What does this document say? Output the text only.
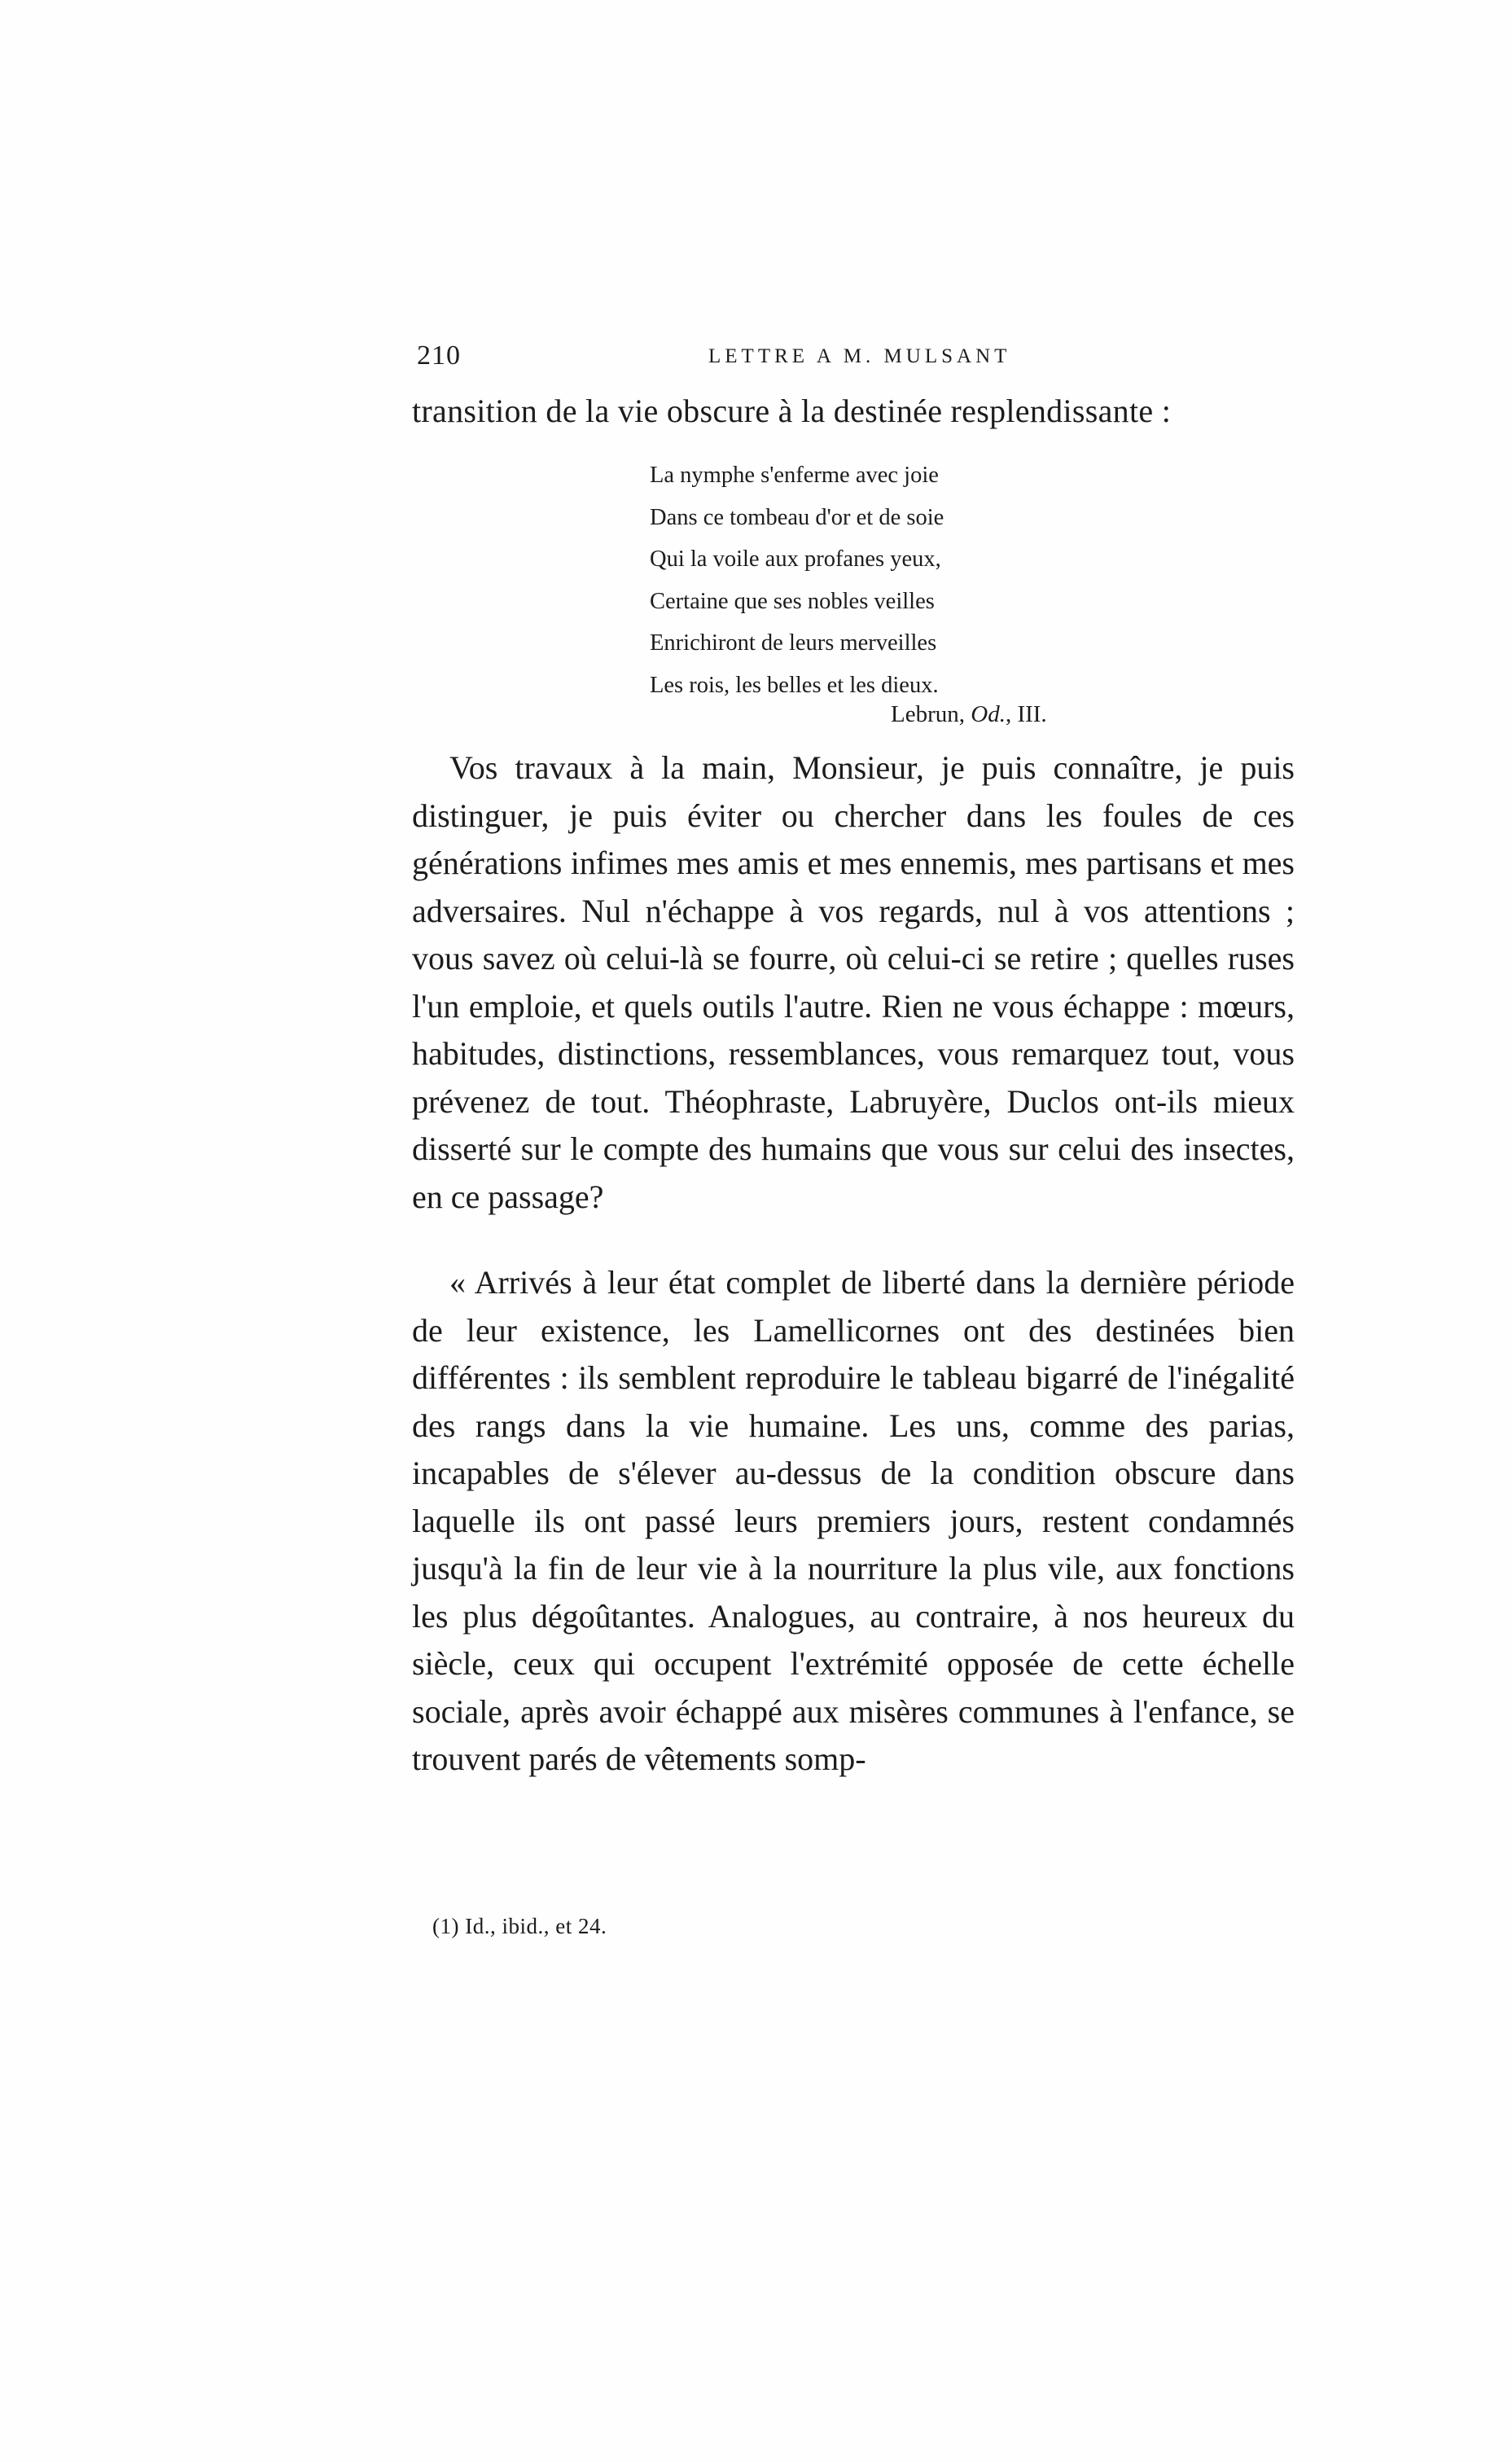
210	LETTRE A M. MULSANT

transition de la vie obscure à la destinée resplendissante :

La nymphe s'enferme avec joie
Dans ce tombeau d'or et de soie
Qui la voile aux profanes yeux,
Certaine que ses nobles veilles
Enrichiront de leurs merveilles
Les rois, les belles et les dieux.
Lebrun, Od., III.

Vos travaux à la main, Monsieur, je puis connaître, je puis distinguer, je puis éviter ou chercher dans les foules de ces générations infimes mes amis et mes ennemis, mes partisans et mes adversaires. Nul n'échappe à vos regards, nul à vos attentions ; vous savez où celui-là se fourre, où celui-ci se retire ; quelles ruses l'un emploie, et quels outils l'autre. Rien ne vous échappe : mœurs, habitudes, distinctions, ressemblances, vous remarquez tout, vous prévenez de tout. Théophraste, Labruyère, Duclos ont-ils mieux disserté sur le compte des humains que vous sur celui des insectes, en ce passage?

« Arrivés à leur état complet de liberté dans la dernière période de leur existence, les Lamellicornes ont des destinées bien différentes : ils semblent reproduire le tableau bigarré de l'inégalité des rangs dans la vie humaine. Les uns, comme des parias, incapables de s'élever au-dessus de la condition obscure dans laquelle ils ont passé leurs premiers jours, restent condamnés jusqu'à la fin de leur vie à la nourriture la plus vile, aux fonctions les plus dégoûtantes. Analogues, au contraire, à nos heureux du siècle, ceux qui occupent l'extrémité opposée de cette échelle sociale, après avoir échappé aux misères communes à l'enfance, se trouvent parés de vêtements somp-

(1) Id., ibid., et 24.
